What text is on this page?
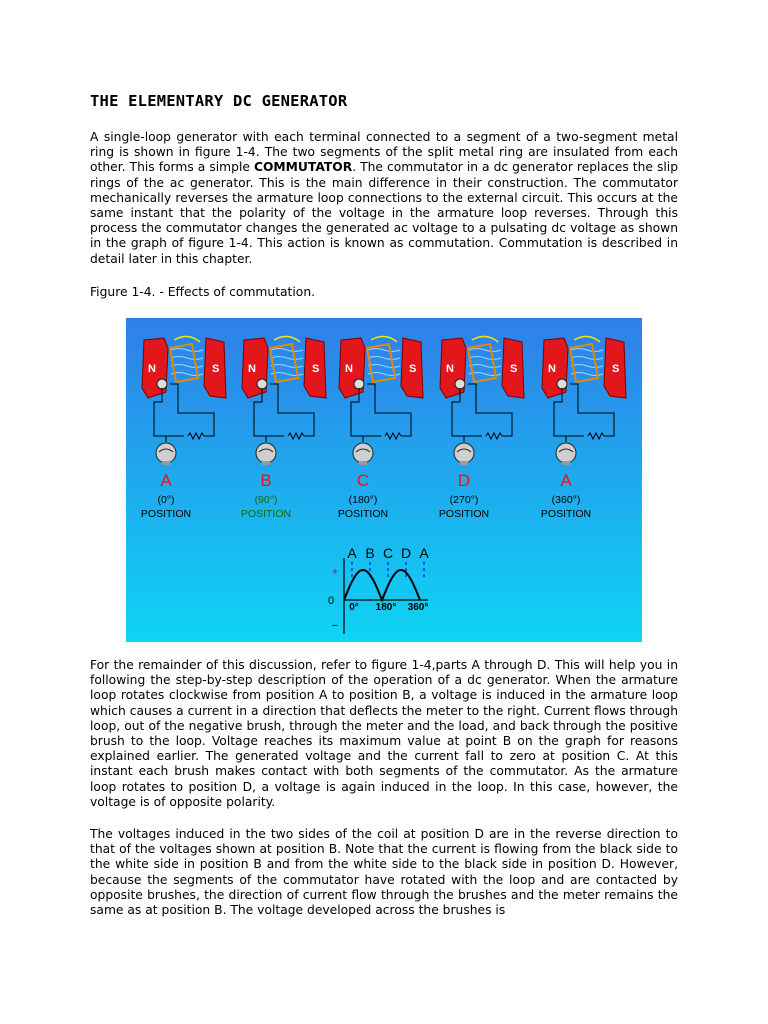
THE ELEMENTARY DC GENERATOR

A single-loop generator with each terminal connected to a segment of a two-segment metal ring is shown in figure 1-4. The two segments of the split metal ring are insulated from each other. This forms a simple COMMUTATOR. The commutator in a dc generator replaces the slip rings of the ac generator. This is the main difference in their construction. The commutator mechanically reverses the armature loop connections to the external circuit. This occurs at the same instant that the polarity of the voltage in the armature loop reverses. Through this process the commutator changes the generated ac voltage to a pulsating dc voltage as shown in the graph of figure 1-4. This action is known as commutation. Commutation is described in detail later in this chapter.

Figure 1-4. - Effects of commutation.

For the remainder of this discussion, refer to figure 1-4,parts A through D. This will help you in following the step-by-step description of the operation of a dc generator. When the armature loop rotates clockwise from position A to position B, a voltage is induced in the armature loop which causes a current in a direction that deflects the meter to the right. Current flows through loop, out of the negative brush, through the meter and the load, and back through the positive brush to the loop. Voltage reaches its maximum value at point B on the graph for reasons explained earlier. The generated voltage and the current fall to zero at position C. At this instant each brush makes contact with both segments of the commutator. As the armature loop rotates to position D, a voltage is again induced in the loop. In this case, however, the voltage is of opposite polarity.

The voltages induced in the two sides of the coil at position D are in the reverse direction to that of the voltages shown at position B. Note that the current is flowing from the black side to the white side in position B and from the white side to the black side in position D. However, because the segments of the commutator have rotated with the loop and are contacted by opposite brushes, the direction of current flow through the brushes and the meter remains the same as at position B. The voltage developed across the brushes is

N	S
A
(0°)
POSITION
N	S
B
(90°)
POSITION
N	S
C
(180°)
POSITION
N	S
D
(270°)
POSITION
N	S
A
(360°)
POSITION
A B C D A
+
–
0
0° 180° 360°
